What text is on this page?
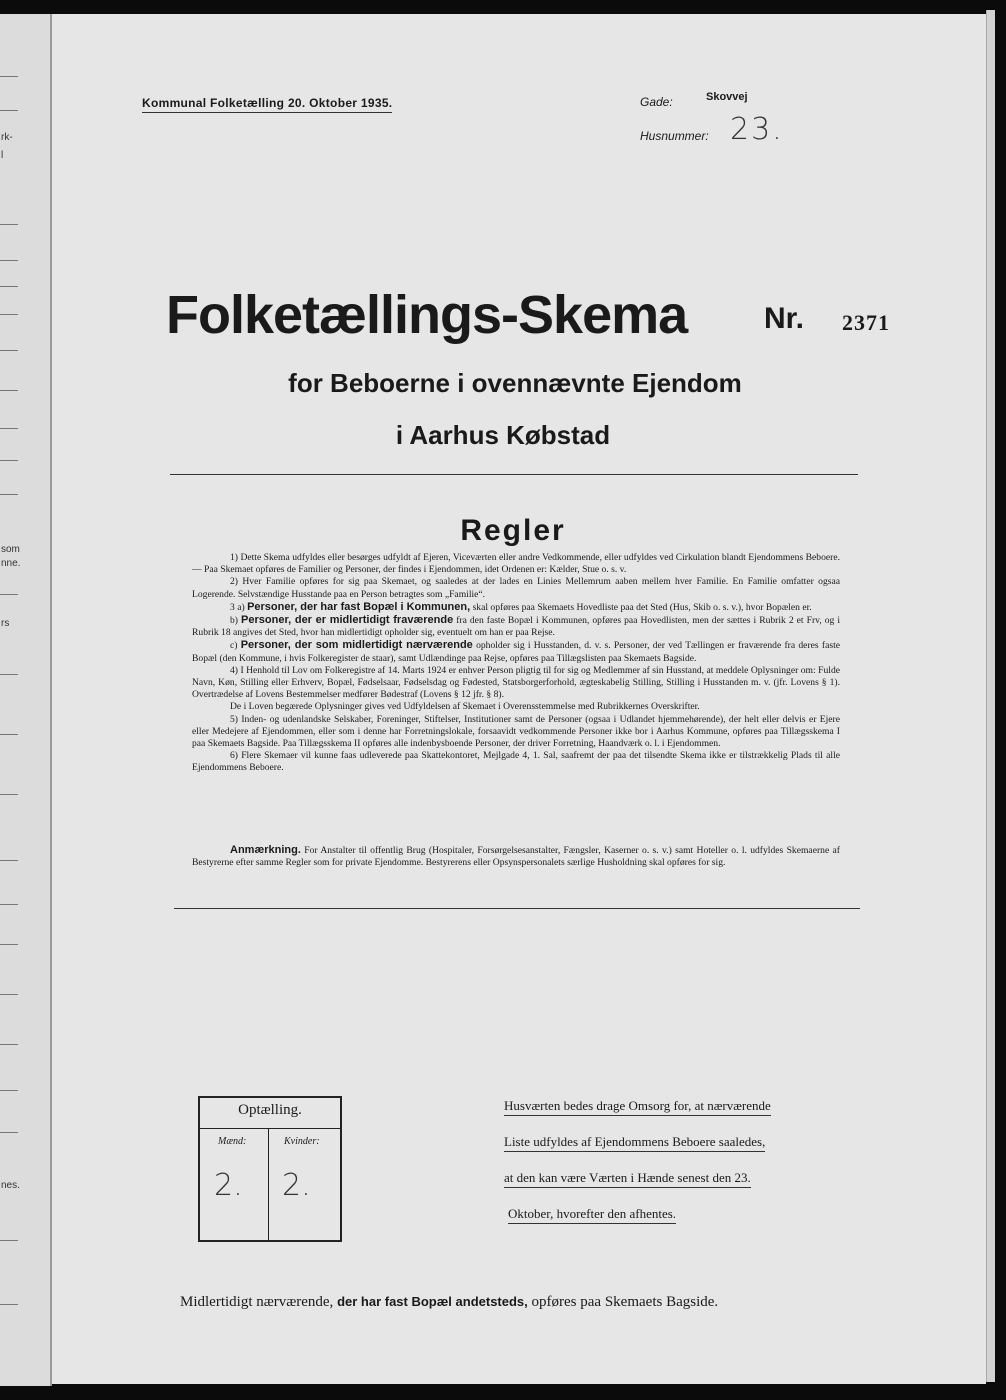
rk-
l
som
nne.
rs
nes.
Kommunal Folketælling 20. Oktober 1935.	Gade:	Skovvej
Husnummer: 23.
Folketællings-Skema	Nr. 2371
for Beboerne i ovennævnte Ejendom
i Aarhus Købstad
Regler

1) Dette Skema udfyldes eller besørges udfyldt af Ejeren, Viceværten eller andre Vedkommende, eller udfyldes ved Cirkulation blandt Ejendommens Beboere. — Paa Skemaet opføres de Familier og Personer, der findes i Ejendommen, idet Ordenen er: Kælder, Stue o. s. v.

2) Hver Familie opføres for sig paa Skemaet, og saaledes at der lades en Linies Mellemrum aaben mellem hver Familie. En Familie omfatter ogsaa Logerende. Selvstændige Husstande paa en Person betragtes som „Familie“.

3 a) Personer, der har fast Bopæl i Kommunen, skal opføres paa Skemaets Hovedliste paa det Sted (Hus, Skib o. s. v.), hvor Bopælen er.

b) Personer, der er midlertidigt fraværende fra den faste Bopæl i Kommunen, opføres paa Hovedlisten, men der sættes i Rubrik 2 et Frv, og i Rubrik 18 angives det Sted, hvor han midlertidigt opholder sig, eventuelt om han er paa Rejse.

c) Personer, der som midlertidigt nærværende opholder sig i Husstanden, d. v. s. Personer, der ved Tællingen er fraværende fra deres faste Bopæl (den Kommune, i hvis Folkeregister de staar), samt Udlændinge paa Rejse, opføres paa Tillægslisten paa Skemaets Bagside.

4) I Henhold til Lov om Folkeregistre af 14. Marts 1924 er enhver Person pligtig til for sig og Medlemmer af sin Husstand, at meddele Oplysninger om: Fulde Navn, Køn, Stilling eller Erhverv, Bopæl, Fødselsaar, Fødselsdag og Fødested, Statsborgerforhold, ægteskabelig Stilling, Stilling i Husstanden m. v. (jfr. Lovens § 1). Overtrædelse af Lovens Bestemmelser medfører Bødestraf (Lovens § 12 jfr. § 8).

De i Loven begærede Oplysninger gives ved Udfyldelsen af Skemaet i Overensstemmelse med Rubrikkernes Overskrifter.

5) Inden- og udenlandske Selskaber, Foreninger, Stiftelser, Institutioner samt de Personer (ogsaa i Udlandet hjemmehørende), der helt eller delvis er Ejere eller Medejere af Ejendommen, eller som i denne har Forretningslokale, forsaavidt vedkommende Personer ikke bor i Aarhus Kommune, opføres paa Tillægsskema I paa Skemaets Bagside. Paa Tillægsskema II opføres alle indenbysboende Personer, der driver Forretning, Haandværk o. l. i Ejendommen.

6) Flere Skemaer vil kunne faas udleverede paa Skattekontoret, Mejlgade 4, 1. Sal, saafremt der paa det tilsendte Skema ikke er tilstrækkelig Plads til alle Ejendommens Beboere.

Anmærkning. For Anstalter til offentlig Brug (Hospitaler, Forsørgelsesanstalter, Fængsler, Kaserner o. s. v.) samt Hoteller o. l. udfyldes Skemaerne af Bestyrerne efter samme Regler som for private Ejendomme. Bestyrerens eller Opsynspersonalets særlige Husholdning skal opføres for sig.

Optælling.
Mænd:	Kvinder:
2. 2.
Husværten bedes drage Omsorg for, at nærværende
Liste udfyldes af Ejendommens Beboere saaledes,
at den kan være Værten i Hænde senest den 23.
Oktober, hvorefter den afhentes.
Midlertidigt nærværende, der har fast Bopæl andetsteds, opføres paa Skemaets Bagside.
